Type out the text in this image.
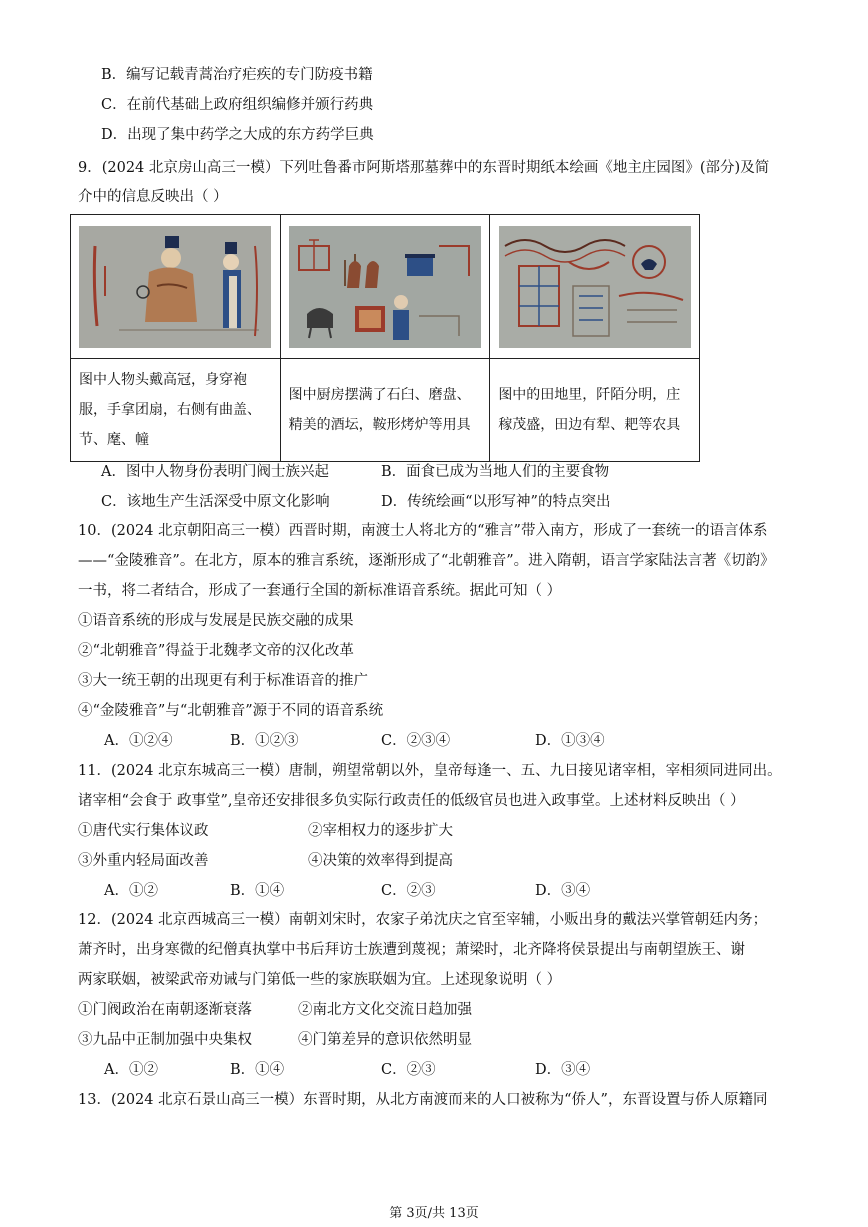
B．编写记载青蒿治疗疟疾的专门防疫书籍
C．在前代基础上政府组织编修并颁行药典
D．出现了集中药学之大成的东方药学巨典
9．(2024 北京房山高三一模）下列吐鲁番市阿斯塔那墓葬中的东晋时期纸本绘画《地主庄园图》(部分)及简
介中的信息反映出（ ）

图中人物头戴高冠，身穿袍服，手拿团扇，右侧有曲盖、节、麾、幢	图中厨房摆满了石臼、磨盘、精美的酒坛，鞍形烤炉等用具	图中的田地里，阡陌分明，庄稼茂盛，田边有犁、耙等农具
A．图中人物身份表明门阀士族兴起	B．面食已成为当地人们的主要食物
C．该地生产生活深受中原文化影响	D．传统绘画“以形写神”的特点突出
10．(2024 北京朝阳高三一模）西晋时期，南渡士人将北方的“雅言”带入南方，形成了一套统一的语言体系
——“金陵雅音”。在北方，原本的雅言系统，逐渐形成了“北朝雅音”。进入隋朝，语言学家陆法言著《切韵》
一书，将二者结合，形成了一套通行全国的新标准语音系统。据此可知（ ）
①语音系统的形成与发展是民族交融的成果
②“北朝雅音”得益于北魏孝文帝的汉化改革
③大一统王朝的出现更有利于标准语音的推广
④“金陵雅音”与“北朝雅音”源于不同的语音系统
A．①②④	B．①②③	C．②③④	D．①③④
11．(2024 北京东城高三一模）唐制，朔望常朝以外，皇帝每逢一、五、九日接见诸宰相，宰相须同进同出。
诸宰相“会食于 政事堂”,皇帝还安排很多负实际行政责任的低级官员也进入政事堂。上述材料反映出（ ）
①唐代实行集体议政	②宰相权力的逐步扩大
③外重内轻局面改善	④决策的效率得到提高
A．①②	B．①④	C．②③	D．③④
12．(2024 北京西城高三一模）南朝刘宋时，农家子弟沈庆之官至宰辅，小贩出身的戴法兴掌管朝廷内务；
萧齐时，出身寒微的纪僧真执掌中书后拜访士族遭到蔑视；萧梁时，北齐降将侯景提出与南朝望族王、谢
两家联姻，被梁武帝劝诫与门第低一些的家族联姻为宜。上述现象说明（ ）
①门阀政治在南朝逐渐衰落	②南北方文化交流日趋加强
③九品中正制加强中央集权	④门第差异的意识依然明显
A．①②	B．①④	C．②③	D．③④
13．(2024 北京石景山高三一模）东晋时期，从北方南渡而来的人口被称为“侨人”，东晋设置与侨人原籍同
第 3页/共 13页
